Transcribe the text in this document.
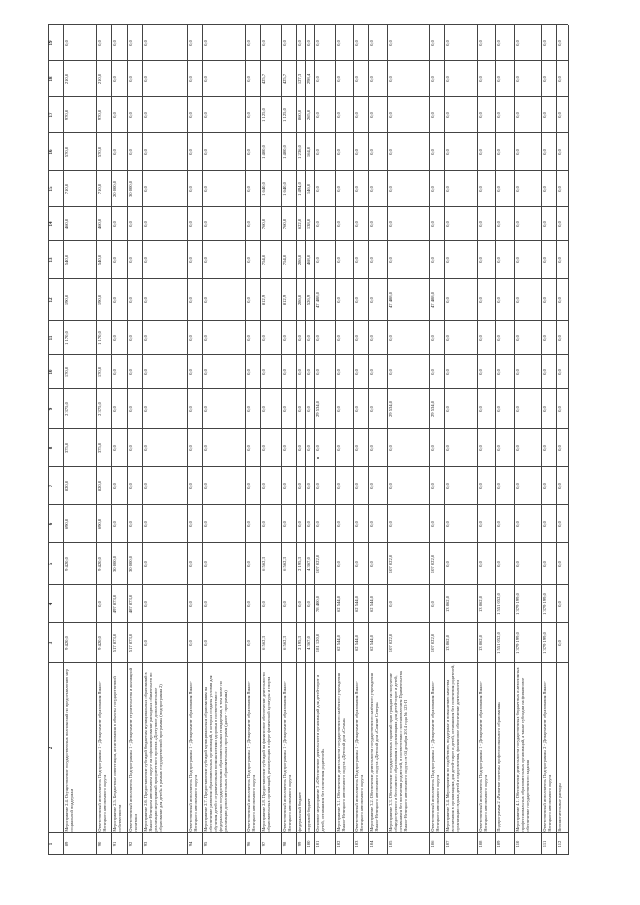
1
2
3
4
5
6
7
8
9
10
11
12
13
14
15
16
17
18
19
89
Мероприятие 2.4. Осуществление государственных полномочий по предоставлению мер социальной поддержки
9 420,0
9 420,0
690,0
820,0
375,0
2 375,0
170,0
1 170,0
190,0
540,0
460,0
710,0
570,0
970,0
210,0
0,0
90
Ответственный исполнитель Подпрограммы 1 - Департамент образования Ямало-Ненецкого автономного округа
9 420,0
0,0
9 420,0
690,0
820,0
375,0
2 375,0
170,0
1 170,0
190,0
540,0
460,0
710,0
570,0
970,0
210,0
0,0
91
Мероприятие 2.5. Бюджетные инвестиции, ассигнования в объекты государственной собственности
517 873,0
497 873,0
30 000,0
0,0
0,0
0,0
0,0
0,0
0,0
0,0
0,0
0,0
20 000,0
0,0
0,0
0,0
0,0
92
Ответственный исполнитель Подпрограммы 1 - Департамент строительства и жилищной политики
517 873,0
487 873,0
30 000,0
0,0
0,0
0,0
0,0
0,0
0,0
0,0
0,0
0,0
30 000,0
0,0
0,0
0,0
0,0
93
Мероприятие 2.6. Предоставление субсидий бюджетам муниципальных образований в Ямало-Ненецком автономном округе на софинансирование расходных обязательств по реализации мероприятий приоритетного проекта «Доступное дополнительное образование для детей» в рамках государственной программы (подпрограмма 2)
0,0
0,0
0,0
0,0
0,0
0,0
0,0
0,0
0,0
0,0
0,0
0,0
0,0
0,0
0,0
0,0
0,0
94
Ответственный исполнитель Подпрограммы 1 - Департамент образования Ямало-Ненецкого автономного округа
0,0
0,0
0,0
0,0
0,0
0,0
0,0
0,0
0,0
0,0
0,0
0,0
0,0
0,0
0,0
0,0
0,0
95
Мероприятие 2.7. Предоставление субсидий муниципальным образованиям на обеспечение развития образовательных организаций, в которых созданы условия для обучения детей с ограниченными возможностями здоровья в соответствии с федеральными государственными образовательными стандартами, в том числе по реализации дополнительных образовательных программ (далее - программа)
0,0
0,0
0,0
0,0
0,0
0,0
0,0
0,0
0,0
0,0
0,0
0,0
0,0
0,0
0,0
0,0
0,0
96
Ответственный исполнитель Подпрограммы 1 - Департамент образования Ямало-Ненецкого автономного округа
0,0
0,0
0,0
0,0
0,0
0,0
0,0
0,0
0,0
0,0
0,0
0,0
0,0
0,0
0,0
0,0
0,0
97
Мероприятие 2.8. Предоставление субсидий на финансовое обеспечение деятельности образовательных организаций, реализующих в сфере физической культуры и спорта
6 562,3
0,0
6 562,3
0,0
0,0
0,0
0,0
0,0
0,0
812,9
754,0
760,0
1 640,0
1 400,0
1 125,0
425,7
0,0
98
Ответственный исполнитель Подпрограммы 1 - Департамент образования Ямало-Ненецкого автономного округа
6 562,3
0,0
6 562,3
0,0
0,0
0,0
0,0
0,0
0,0
812,9
754,0
760,0
1 640,0
1 400,0
1 125,0
425,7
0,0
99
федеральный бюджет
2 195,3
0,0
2 195,3
0,0
0,0
0,0
0,0
0,0
0,0
286,0
286,0
622,0
1 494,0
1 236,0
860,0
127,3
0,0
100
окружной бюджет
4 367,0
0,0
4 367,0
0,0
0,0
0,0
0,0
0,0
0,0
526,9
468,0
138,0
146,0
164,0
265,0
298,4
0,0
101
Основное мероприятие 3 «Обеспечение деятельности организаций для детей-сирот и детей, оставшихся без попечения родителей»
181 120,0
78 400,0
107 022,0
0,0
0,0
0,0
29 534,0
0,0
0,0
47 488,0
0,0
0,0
0,0
0,0
0,0
0,0
0,0
102
Мероприятие 3.1. Обеспечение деятельности государственного казённого учреждения Ямало-Ненецкого автономного округа «Детский дом «Семья»
62 544,0
62 544,0
0,0
0,0
0,0
0,0
0,0
0,0
0,0
0,0
0,0
0,0
0,0
0,0
0,0
0,0
0,0
103
Ответственный исполнитель Подпрограммы 1 - Департамент образования Ямало-Ненецкого автономного округа
62 544,0
62 544,0
0,0
0,0
0,0
0,0
0,0
0,0
0,0
0,0
0,0
0,0
0,0
0,0
0,0
0,0
0,0
104
Мероприятие 3.2. Обеспечение деятельности государственного казённого учреждения Ямало-Ненецкого автономного округа «Детский дом «Сияние Севера»
62 544,0
62 544,0
0,0
0,0
0,0
0,0
0,0
0,0
0,0
0,0
0,0
0,0
0,0
0,0
0,0
0,0
0,0
105
Мероприятие 3.3. Обеспечение государственных гарантий прав граждан на получение общедоступного и бесплатного образования в организациях для детей-сирот и детей, оставшихся без попечения родителей, в соответствии с постановлением Правительства Ямало-Ненецкого автономного округа от 04 декабря 2014 года № 123-П
107 022,0
0,0
107 022,0
0,0
0,0
0,0
29 534,0
0,0
0,0
47 488,0
0,0
0,0
0,0
0,0
0,0
0,0
0,0
106
Ответственный исполнитель Подпрограммы 1 - Департамент образования Ямало-Ненецкого автономного округа
107 022,0
0,0
107 022,0
0,0
0,0
0,0
29 534,0
0,0
0,0
47 488,0
0,0
0,0
0,0
0,0
0,0
0,0
0,0
107
Мероприятие 3.4. Мероприятия по содействию, поддержке и повышению качества воспитания в организациях для детей-сирот и детей, оставшихся без попечения родителей, организации отдыха детей и оздоровления, финансовое обеспечение деятельности
13 862,0
13 862,0
0,0
0,0
0,0
0,0
0,0
0,0
0,0
0,0
0,0
0,0
0,0
0,0
0,0
0,0
0,0
108
Ответственный исполнитель Подпрограммы 1 - Департамент образования Ямало-Ненецкого автономного округа
13 862,0
13 862,0
0,0
0,0
0,0
0,0
0,0
0,0
0,0
0,0
0,0
0,0
0,0
0,0
0,0
0,0
0,0
109
Подпрограмма 2 «Развитие системы профессионального образования»
1 551 052,0
1 551 052,0
0,0
0,0
0,0
0,0
0,0
0,0
0,0
0,0
0,0
0,0
0,0
0,0
0,0
0,0
0,0
110
Мероприятие 4.1. Обеспечение деятельности государственных бюджетных и автономных профессиональных образовательных организаций, а также субсидии на финансовое обеспечение государственного задания
1 379 199,0
1 379 199,0
0,0
0,0
0,0
0,0
0,0
0,0
0,0
0,0
0,0
0,0
0,0
0,0
0,0
0,0
0,0
111
Ответственный исполнитель Подпрограммы 2 - Департамент образования Ямало-Ненецкого автономного округа
1 379 199,0
1 379 199,0
0,0
0,0
0,0
0,0
0,0
0,0
0,0
0,0
0,0
0,0
0,0
0,0
0,0
0,0
0,0
112
Вспомогательные расходы
0,0
0,0
0,0
0,0
0,0
0,0
0,0
0,0
0,0
0,0
0,0
0,0
0,0
0,0
0,0
0,0
0,0
